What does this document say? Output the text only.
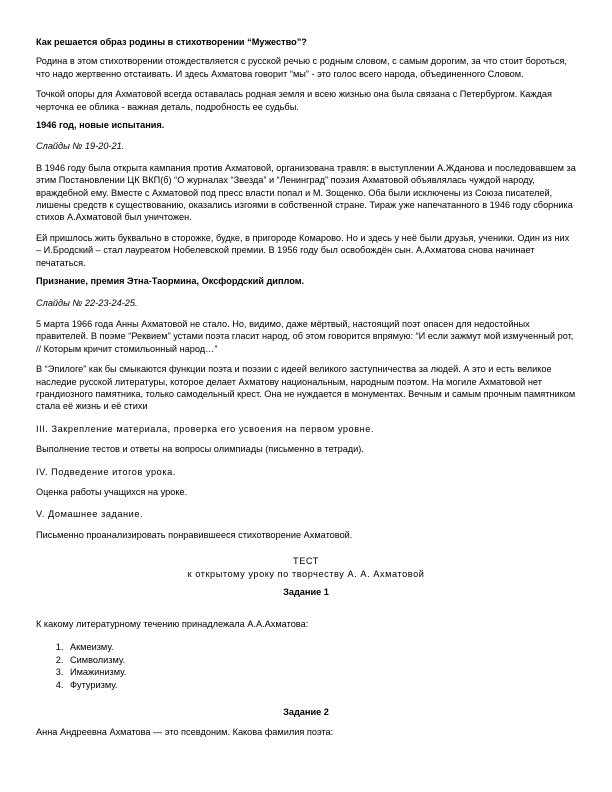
Как решается образ родины в стихотворении “Мужество”?

Родина в этом стихотворении отождествляется с русской речью с родным словом, с самым дорогим, за что стоит бороться, что надо жертвенно отстаивать. И здесь Ахматова говорит “мы” - это голос всего народа, объединенного Словом.

Точкой опоры для Ахматовой всегда оставалась родная земля и всею жизнью она была связана с Петербургом. Каждая черточка ее облика - важная деталь, подробность ее судьбы.

1946 год, новые испытания.

Слайды № 19-20-21.

В 1946 году была открыта кампания против Ахматовой, организована травля: в выступлении А.Жданова и последовавшем за этим Постановлении ЦК ВКП(б) “О журналах “Звезда” и “Ленинград” поэзия Ахматовой объявлялась чуждой народу, враждебной ему. Вместе с Ахматовой под пресс власти попал и М. Зощенко. Оба были исключены из Союза писателей, лишены средств к существованию, оказались изгоями в собственной стране. Тираж уже напечатанного в 1946 году сборника стихов А.Ахматовой был уничтожен.

Ей пришлось жить буквально в сторожке, будке, в пригороде Комарово. Но и здесь у неё были друзья, ученики. Один из них – И.Бродский – стал лауреатом Нобелевской премии. В 1956 году был освобождён сын. А.Ахматова снова начинает печататься.

Признание, премия Этна-Таормина, Оксфордский диплом.

Слайды № 22-23-24-25.

5 марта 1966 года Анны Ахматовой не стало. Но, видимо, даже мёртвый, настоящий поэт опасен для недостойных правителей. В поэме “Реквием” устами поэта гласит народ, об этом говорится впрямую: “И если зажмут мой измученный рот, // Которым кричит стомильонный народ…”

В “Эпилоге” как бы смыкаются функции поэта и поэзии с идеей великого заступничества за людей. А это и есть великое наследие русской литературы, которое делает Ахматову национальным, народным поэтом. На могиле Ахматовой нет грандиозного памятника, только самодельный крест. Она не нуждается в монументах. Вечным и самым прочным памятником стала её жизнь и её стихи

III. Закрепление материала, проверка его усвоения на первом уровне.

Выполнение тестов и ответы на вопросы олимпиады (письменно в тетради).

IV. Подведение итогов урока.

Оценка работы учащихся на уроке.

V. Домашнее задание.

Письменно проанализировать понравившееся стихотворение Ахматовой.

ТЕСТ

к открытому уроку по творчеству А. А. Ахматовой

Задание 1

К какому литературному течению принадлежала А.А.Ахматова:

1. Акмеизму.
2. Символизму.
3. Имажинизму.
4. Футуризму.

Задание 2

Анна Андреевна Ахматова — это псевдоним. Какова фамилия поэта:
